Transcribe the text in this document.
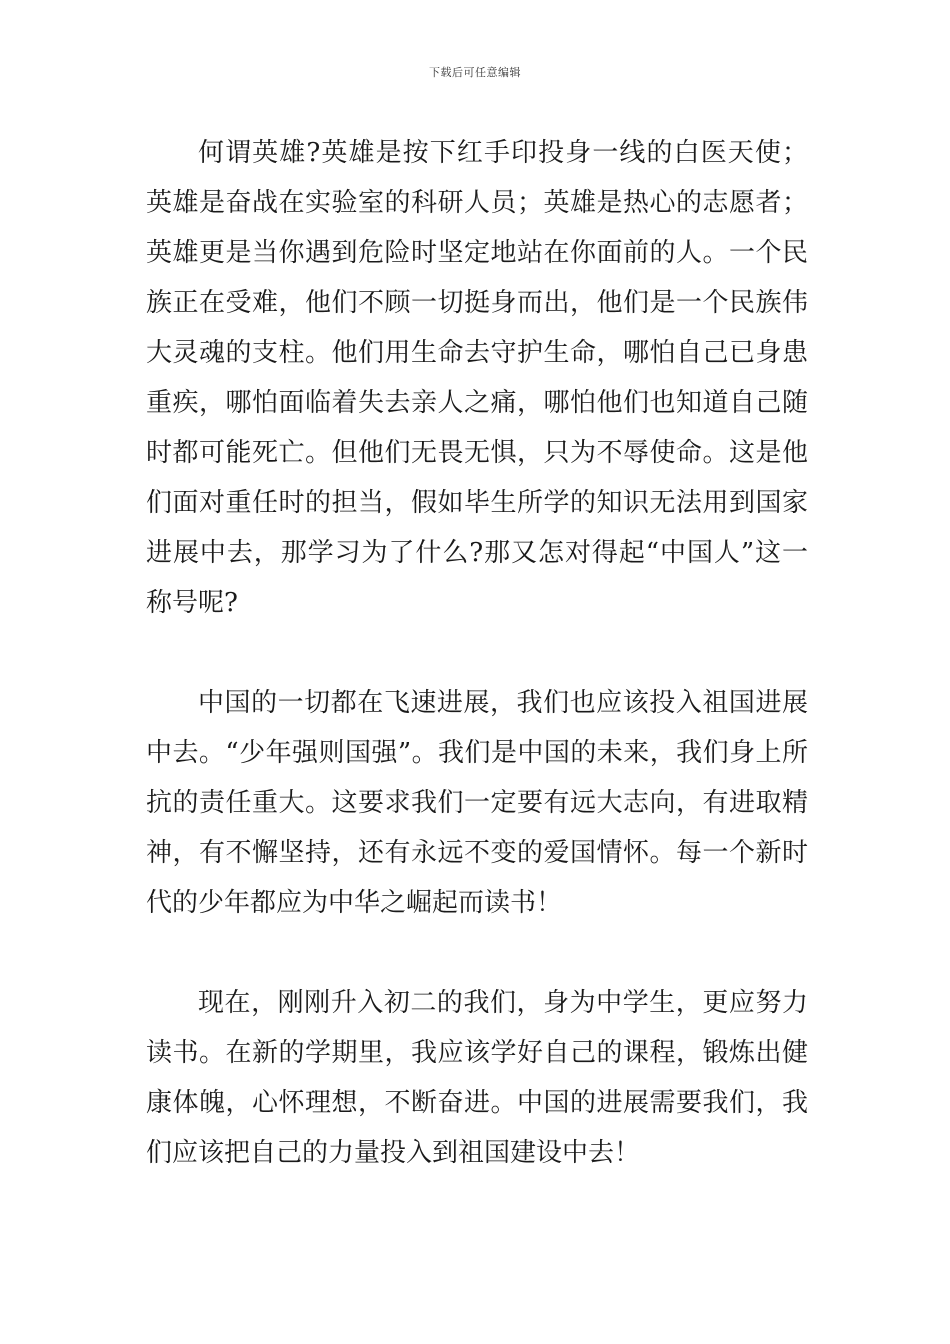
下载后可任意编辑

何谓英雄?英雄是按下红手印投身一线的白医天使；英雄是奋战在实验室的科研人员；英雄是热心的志愿者；英雄更是当你遇到危险时坚定地站在你面前的人。一个民族正在受难，他们不顾一切挺身而出，他们是一个民族伟大灵魂的支柱。他们用生命去守护生命，哪怕自己已身患重疾，哪怕面临着失去亲人之痛，哪怕他们也知道自己随时都可能死亡。但他们无畏无惧，只为不辱使命。这是他们面对重任时的担当，假如毕生所学的知识无法用到国家进展中去，那学习为了什么?那又怎对得起“中国人”这一称号呢?

中国的一切都在飞速进展，我们也应该投入祖国进展中去。“少年强则国强”。我们是中国的未来，我们身上所抗的责任重大。这要求我们一定要有远大志向，有进取精神，有不懈坚持，还有永远不变的爱国情怀。每一个新时代的少年都应为中华之崛起而读书！

现在，刚刚升入初二的我们，身为中学生，更应努力读书。在新的学期里，我应该学好自己的课程，锻炼出健康体魄，心怀理想，不断奋进。中国的进展需要我们，我们应该把自己的力量投入到祖国建设中去！
